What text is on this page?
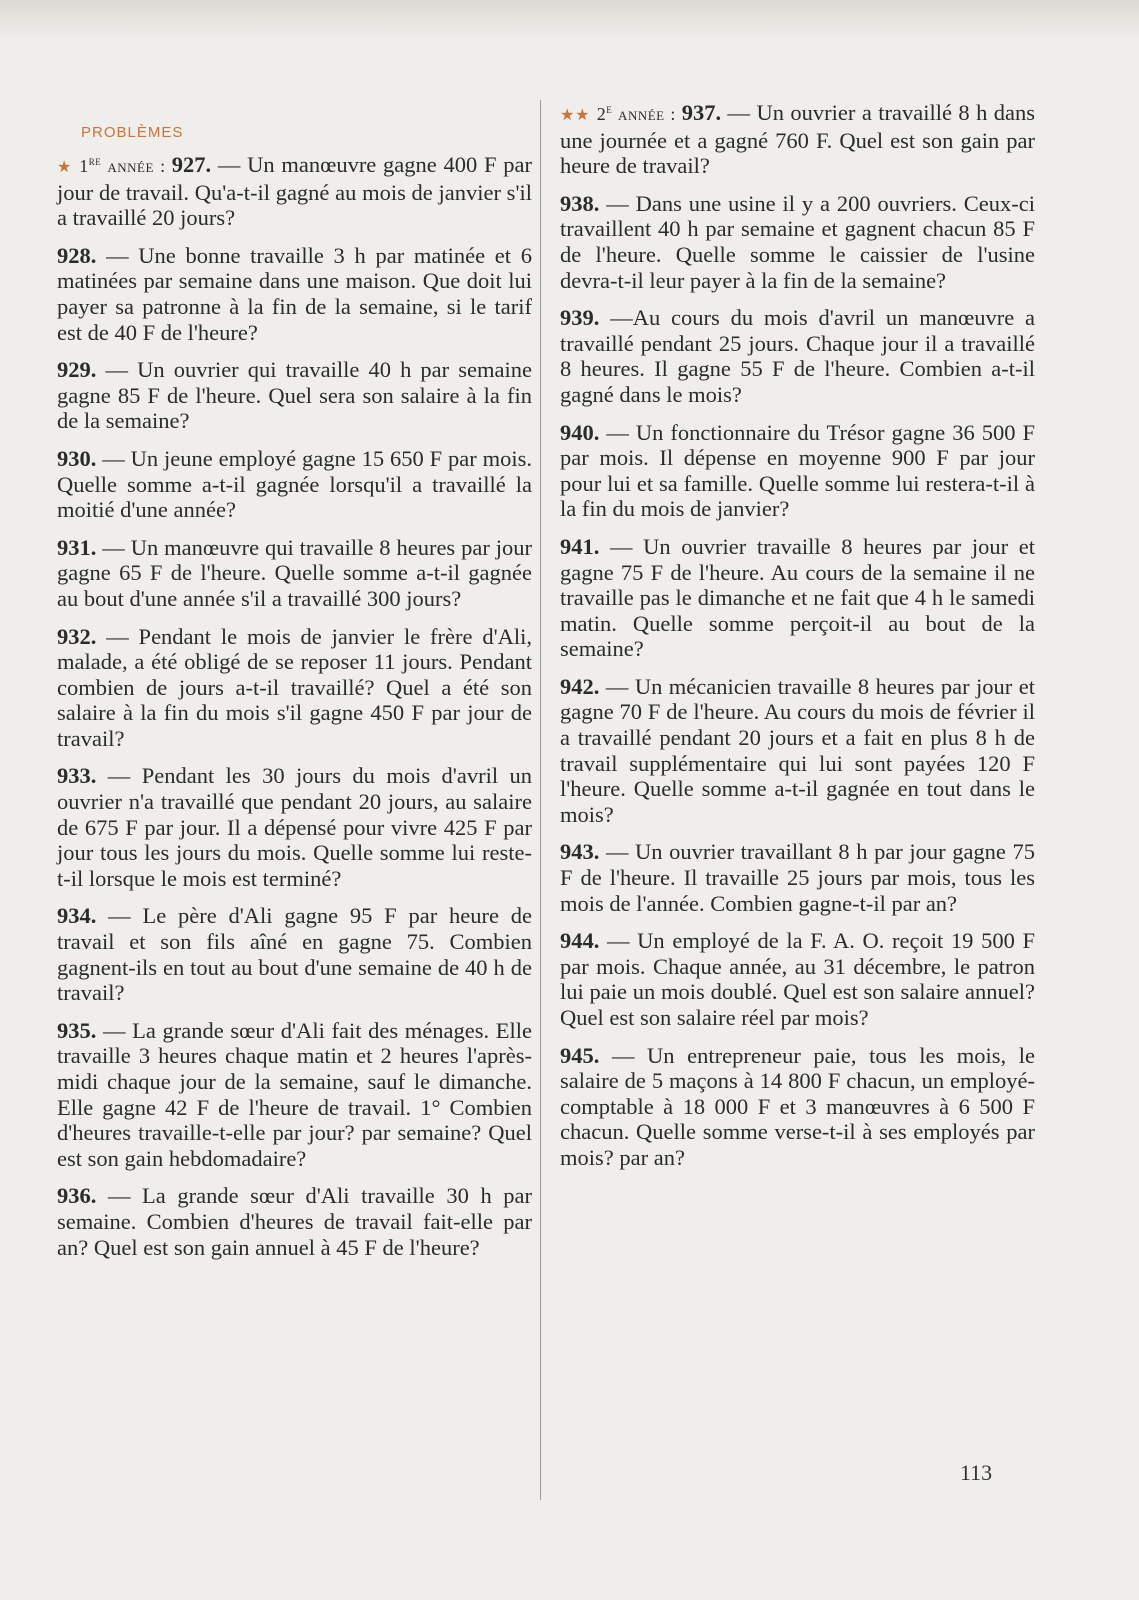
PROBLÈMES
★ 1re année : 927. — Un manœuvre gagne 400 F par jour de travail. Qu'a-t-il gagné au mois de janvier s'il a travaillé 20 jours?
928. — Une bonne travaille 3 h par matinée et 6 matinées par semaine dans une maison. Que doit lui payer sa patronne à la fin de la semaine, si le tarif est de 40 F de l'heure?
929. — Un ouvrier qui travaille 40 h par semaine gagne 85 F de l'heure. Quel sera son salaire à la fin de la semaine?
930. — Un jeune employé gagne 15 650 F par mois. Quelle somme a-t-il gagnée lorsqu'il a travaillé la moitié d'une année?
931. — Un manœuvre qui travaille 8 heures par jour gagne 65 F de l'heure. Quelle somme a-t-il gagnée au bout d'une année s'il a travaillé 300 jours?
932. — Pendant le mois de janvier le frère d'Ali, malade, a été obligé de se reposer 11 jours. Pendant combien de jours a-t-il travaillé? Quel a été son salaire à la fin du mois s'il gagne 450 F par jour de travail?
933. — Pendant les 30 jours du mois d'avril un ouvrier n'a travaillé que pendant 20 jours, au salaire de 675 F par jour. Il a dépensé pour vivre 425 F par jour tous les jours du mois. Quelle somme lui reste-t-il lorsque le mois est terminé?
934. — Le père d'Ali gagne 95 F par heure de travail et son fils aîné en gagne 75. Combien gagnent-ils en tout au bout d'une semaine de 40 h de travail?
935. — La grande sœur d'Ali fait des ménages. Elle travaille 3 heures chaque matin et 2 heures l'après-midi chaque jour de la semaine, sauf le dimanche. Elle gagne 42 F de l'heure de travail. 1° Combien d'heures travaille-t-elle par jour? par semaine? Quel est son gain hebdomadaire?
936. — La grande sœur d'Ali travaille 30 h par semaine. Combien d'heures de travail fait-elle par an? Quel est son gain annuel à 45 F de l'heure?
★★ 2e année : 937. — Un ouvrier a travaillé 8 h dans une journée et a gagné 760 F. Quel est son gain par heure de travail?
938. — Dans une usine il y a 200 ouvriers. Ceux-ci travaillent 40 h par semaine et gagnent chacun 85 F de l'heure. Quelle somme le caissier de l'usine devra-t-il leur payer à la fin de la semaine?
939. —Au cours du mois d'avril un manœuvre a travaillé pendant 25 jours. Chaque jour il a travaillé 8 heures. Il gagne 55 F de l'heure. Combien a-t-il gagné dans le mois?
940. — Un fonctionnaire du Trésor gagne 36 500 F par mois. Il dépense en moyenne 900 F par jour pour lui et sa famille. Quelle somme lui restera-t-il à la fin du mois de janvier?
941. — Un ouvrier travaille 8 heures par jour et gagne 75 F de l'heure. Au cours de la semaine il ne travaille pas le dimanche et ne fait que 4 h le samedi matin. Quelle somme perçoit-il au bout de la semaine?
942. — Un mécanicien travaille 8 heures par jour et gagne 70 F de l'heure. Au cours du mois de février il a travaillé pendant 20 jours et a fait en plus 8 h de travail supplémentaire qui lui sont payées 120 F l'heure. Quelle somme a-t-il gagnée en tout dans le mois?
943. — Un ouvrier travaillant 8 h par jour gagne 75 F de l'heure. Il travaille 25 jours par mois, tous les mois de l'année. Combien gagne-t-il par an?
944. — Un employé de la F. A. O. reçoit 19 500 F par mois. Chaque année, au 31 décembre, le patron lui paie un mois doublé. Quel est son salaire annuel? Quel est son salaire réel par mois?
945. — Un entrepreneur paie, tous les mois, le salaire de 5 maçons à 14 800 F chacun, un employé-comptable à 18 000 F et 3 manœuvres à 6 500 F chacun. Quelle somme verse-t-il à ses employés par mois? par an?
113
